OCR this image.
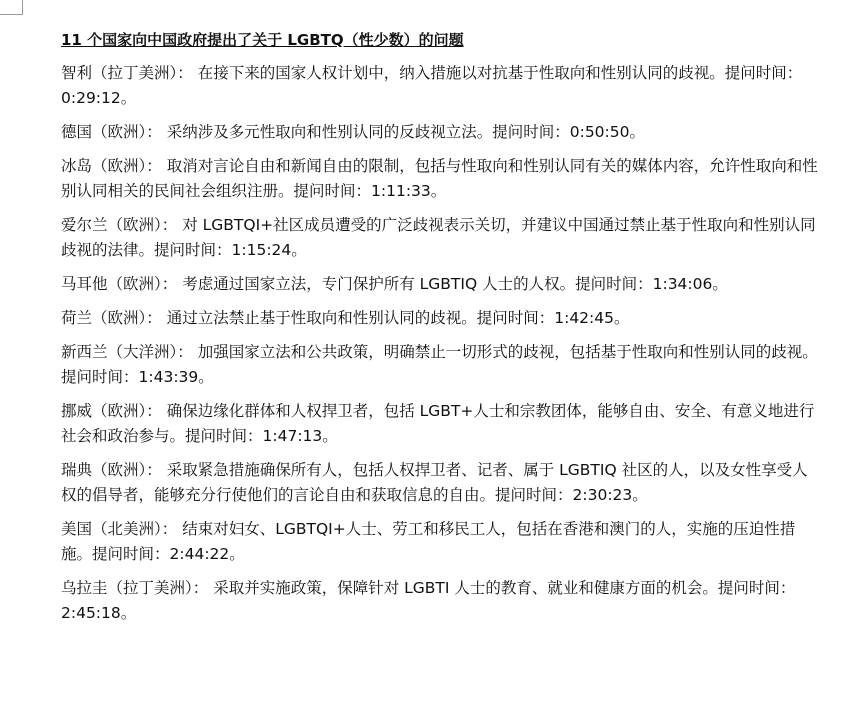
11 个国家向中国政府提出了关于 LGBTQ（性少数）的问题

智利（拉丁美洲）： 在接下来的国家人权计划中，纳入措施以对抗基于性取向和性别认同的歧视。提问时间：0:29:12。

德国（欧洲）： 采纳涉及多元性取向和性别认同的反歧视立法。提问时间：0:50:50。

冰岛（欧洲）： 取消对言论自由和新闻自由的限制，包括与性取向和性别认同有关的媒体内容，允许性取向和性别认同相关的民间社会组织注册。提问时间：1:11:33。

爱尔兰（欧洲）： 对 LGBTQI+社区成员遭受的广泛歧视表示关切，并建议中国通过禁止基于性取向和性别认同歧视的法律。提问时间：1:15:24。

马耳他（欧洲）： 考虑通过国家立法，专门保护所有 LGBTIQ 人士的人权。提问时间：1:34:06。

荷兰（欧洲）： 通过立法禁止基于性取向和性别认同的歧视。提问时间：1:42:45。

新西兰（大洋洲）： 加强国家立法和公共政策，明确禁止一切形式的歧视，包括基于性取向和性别认同的歧视。提问时间：1:43:39。

挪威（欧洲）： 确保边缘化群体和人权捍卫者，包括 LGBT+人士和宗教团体，能够自由、安全、有意义地进行社会和政治参与。提问时间：1:47:13。

瑞典（欧洲）： 采取紧急措施确保所有人，包括人权捍卫者、记者、属于 LGBTIQ 社区的人，以及女性享受人权的倡导者，能够充分行使他们的言论自由和获取信息的自由。提问时间：2:30:23。

美国（北美洲）： 结束对妇女、LGBTQI+人士、劳工和移民工人，包括在香港和澳门的人，实施的压迫性措施。提问时间：2:44:22。

乌拉圭（拉丁美洲）： 采取并实施政策，保障针对 LGBTI 人士的教育、就业和健康方面的机会。提问时间：2:45:18。
